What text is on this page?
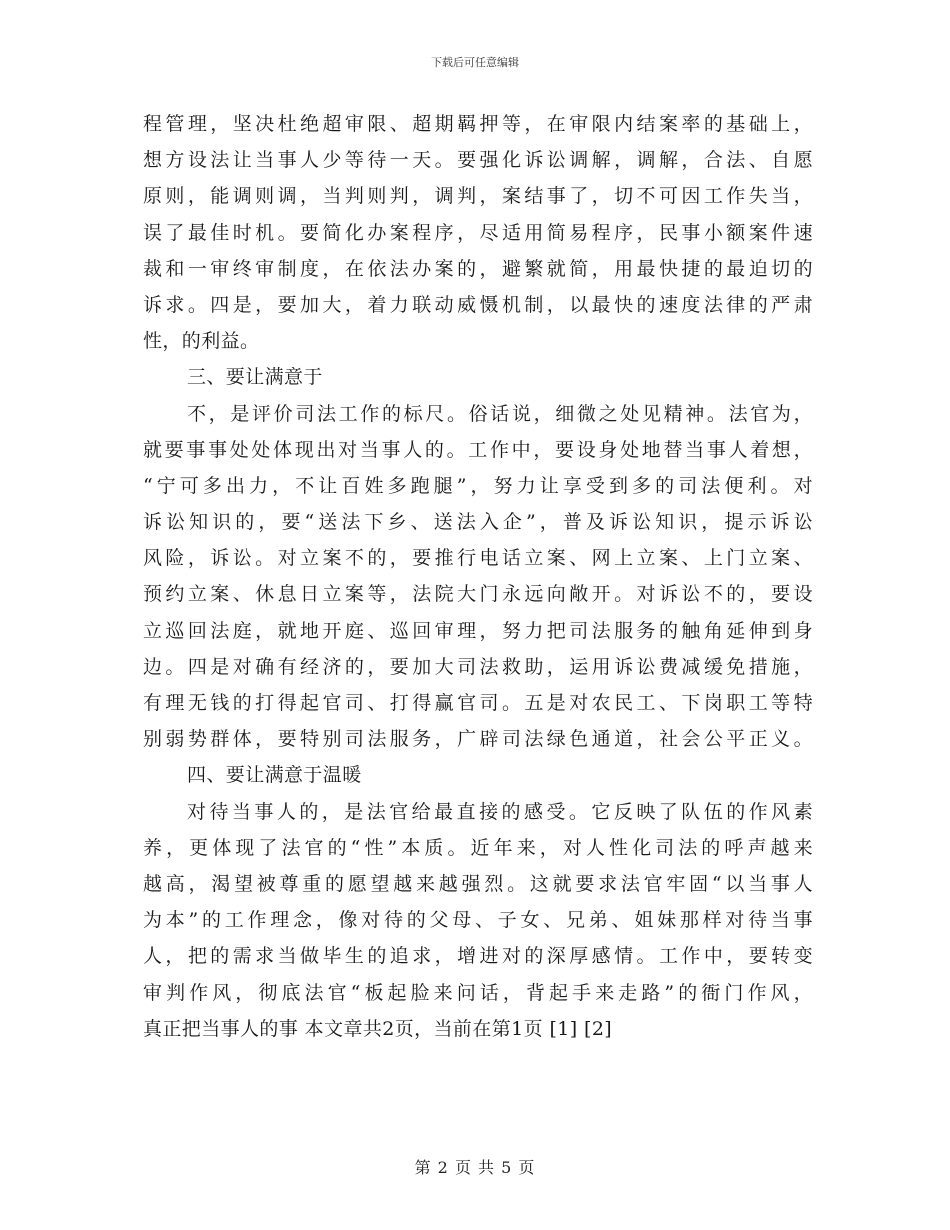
下载后可任意编辑
程管理，坚决杜绝超审限、超期羁押等，在审限内结案率的基础上，
想方设法让当事人少等待一天。要强化诉讼调解，调解，合法、自愿
原则，能调则调，当判则判，调判，案结事了，切不可因工作失当，
误了最佳时机。要简化办案程序，尽适用简易程序，民事小额案件速
裁和一审终审制度，在依法办案的，避繁就简，用最快捷的最迫切的
诉求。四是，要加大，着力联动威慑机制，以最快的速度法律的严肃
性，的利益。
三、要让满意于
不，是评价司法工作的标尺。俗话说，细微之处见精神。法官为，
就要事事处处体现出对当事人的。工作中，要设身处地替当事人着想，
“宁可多出力，不让百姓多跑腿”，努力让享受到多的司法便利。对
诉讼知识的，要“送法下乡、送法入企”，普及诉讼知识，提示诉讼
风险，诉讼。对立案不的，要推行电话立案、网上立案、上门立案、
预约立案、休息日立案等，法院大门永远向敞开。对诉讼不的，要设
立巡回法庭，就地开庭、巡回审理，努力把司法服务的触角延伸到身
边。四是对确有经济的，要加大司法救助，运用诉讼费减缓免措施，
有理无钱的打得起官司、打得赢官司。五是对农民工、下岗职工等特
别弱势群体，要特别司法服务，广辟司法绿色通道，社会公平正义。
四、要让满意于温暖
对待当事人的，是法官给最直接的感受。它反映了队伍的作风素
养，更体现了法官的“性”本质。近年来，对人性化司法的呼声越来
越高，渴望被尊重的愿望越来越强烈。这就要求法官牢固“以当事人
为本”的工作理念，像对待的父母、子女、兄弟、姐妹那样对待当事
人，把的需求当做毕生的追求，增进对的深厚感情。工作中，要转变
审判作风，彻底法官“板起脸来问话，背起手来走路”的衙门作风，
真正把当事人的事 本文章共2页，当前在第1页 [1] [2]
第 2 页 共 5 页
